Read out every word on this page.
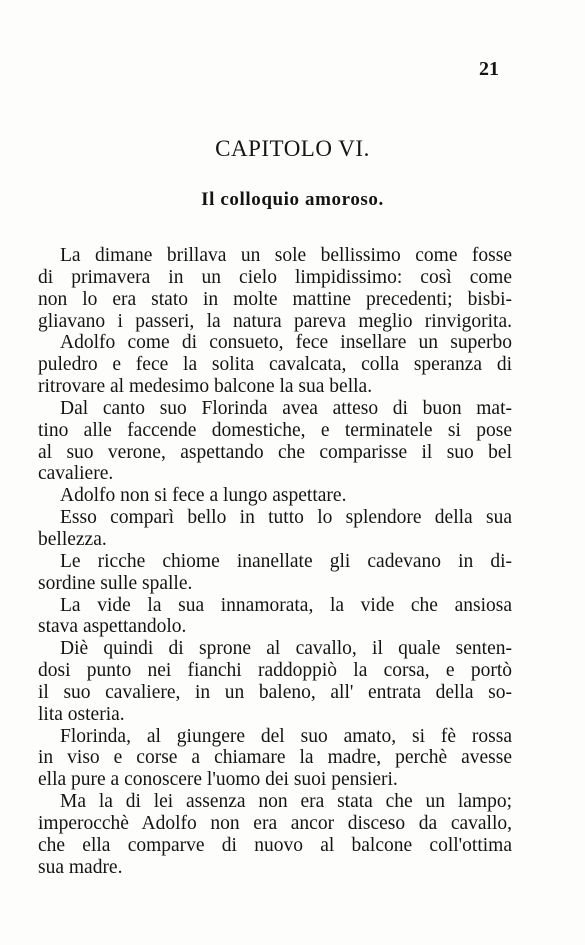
21
CAPITOLO VI.
Il colloquio amoroso.
La dimane brillava un sole bellissimo come fosse
di primavera in un cielo limpidissimo: così come
non lo era stato in molte mattine precedenti; bisbi-
gliavano i passeri, la natura pareva meglio rinvigorita.
Adolfo come di consueto, fece insellare un superbo
puledro e fece la solita cavalcata, colla speranza di
ritrovare al medesimo balcone la sua bella.
Dal canto suo Florinda avea atteso di buon mat-
tino alle faccende domestiche, e terminatele si pose
al suo verone, aspettando che comparisse il suo bel
cavaliere.
Adolfo non si fece a lungo aspettare.
Esso comparì bello in tutto lo splendore della sua
bellezza.
Le ricche chiome inanellate gli cadevano in di-
sordine sulle spalle.
La vide la sua innamorata, la vide che ansiosa
stava aspettandolo.
Diè quindi di sprone al cavallo, il quale senten-
dosi punto nei fianchi raddoppiò la corsa, e portò
il suo cavaliere, in un baleno, all' entrata della so-
lita osteria.
Florinda, al giungere del suo amato, si fè rossa
in viso e corse a chiamare la madre, perchè avesse
ella pure a conoscere l'uomo dei suoi pensieri.
Ma la di lei assenza non era stata che un lampo;
imperocchè Adolfo non era ancor disceso da cavallo,
che ella comparve di nuovo al balcone coll'ottima
sua madre.
